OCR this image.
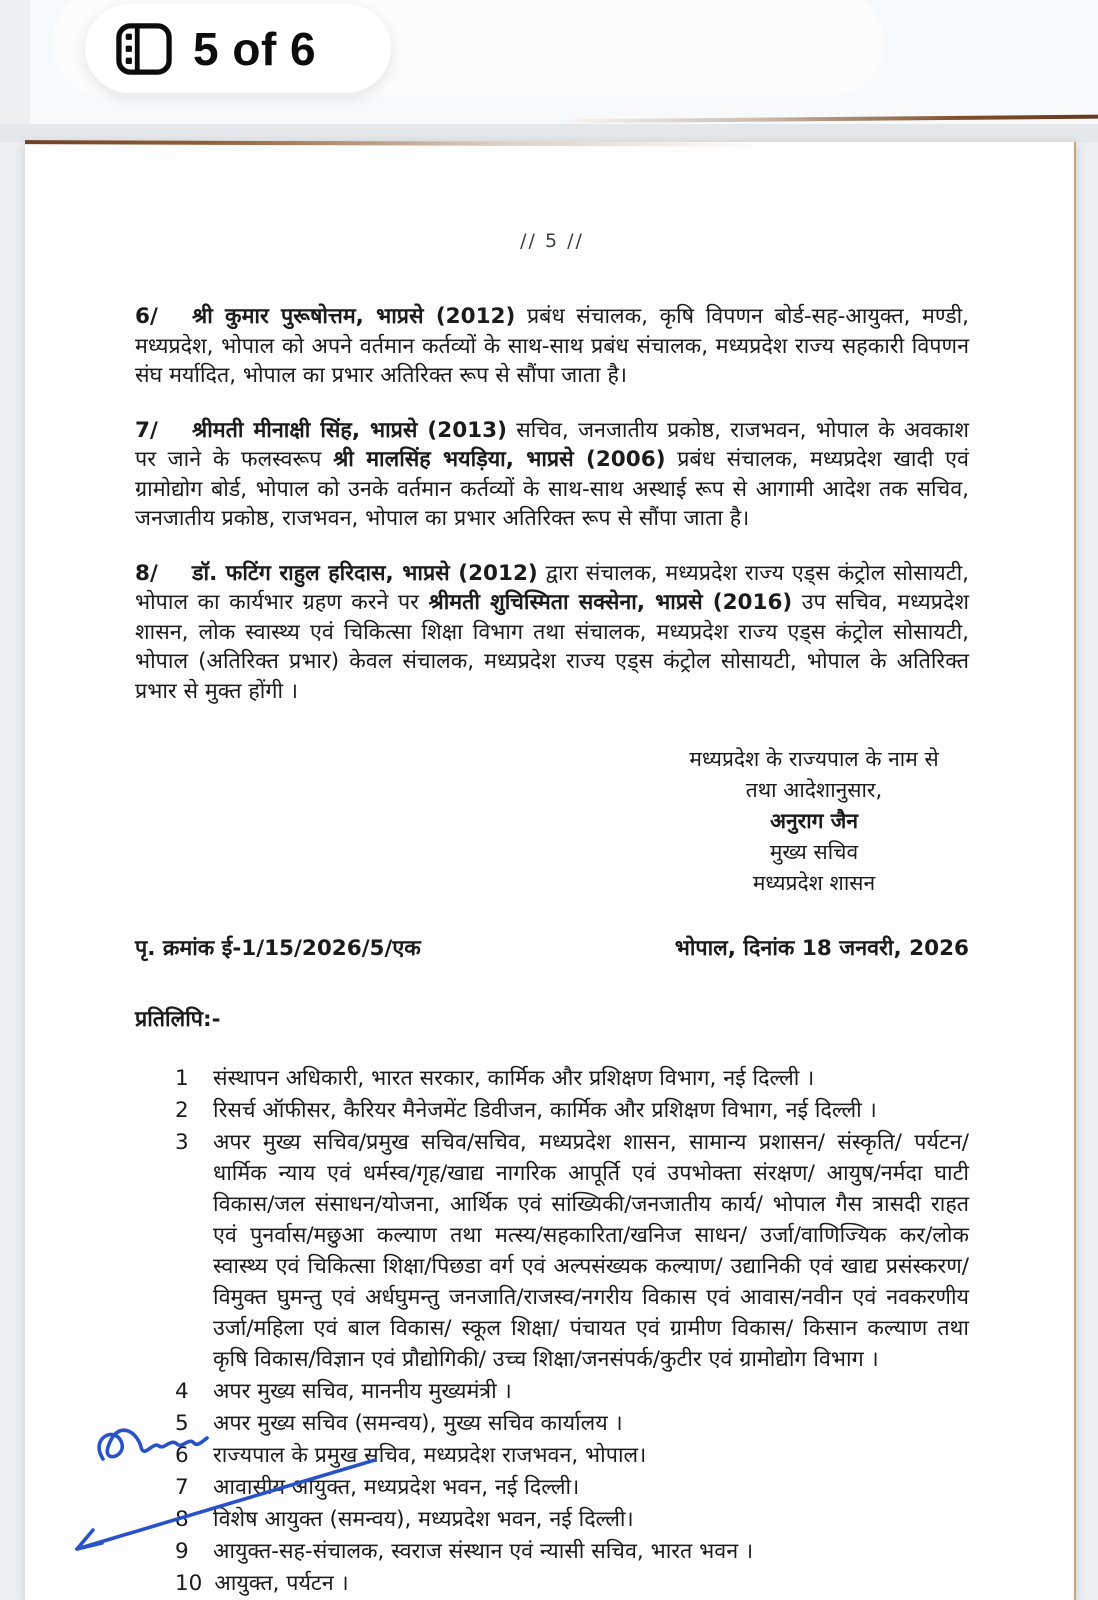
5 of 6
// 5 //
6/ श्री कुमार पुरूषोत्तम, भाप्रसे (2012) प्रबंध संचालक, कृषि विपणन बोर्ड-सह-आयुक्त, मण्डी, मध्यप्रदेश, भोपाल को अपने वर्तमान कर्तव्यों के साथ-साथ प्रबंध संचालक, मध्यप्रदेश राज्य सहकारी विपणन संघ मर्यादित, भोपाल का प्रभार अतिरिक्त रूप से सौंपा जाता है।
7/ श्रीमती मीनाक्षी सिंह, भाप्रसे (2013) सचिव, जनजातीय प्रकोष्ठ, राजभवन, भोपाल के अवकाश पर जाने के फलस्वरूप श्री मालसिंह भयड़िया, भाप्रसे (2006) प्रबंध संचालक, मध्यप्रदेश खादी एवं ग्रामोद्योग बोर्ड, भोपाल को उनके वर्तमान कर्तव्यों के साथ-साथ अस्थाई रूप से आगामी आदेश तक सचिव, जनजातीय प्रकोष्ठ, राजभवन, भोपाल का प्रभार अतिरिक्त रूप से सौंपा जाता है।
8/ डॉ. फटिंग राहुल हरिदास, भाप्रसे (2012) द्वारा संचालक, मध्यप्रदेश राज्य एड्स कंट्रोल सोसायटी, भोपाल का कार्यभार ग्रहण करने पर श्रीमती शुचिस्मिता सक्सेना, भाप्रसे (2016) उप सचिव, मध्यप्रदेश शासन, लोक स्वास्थ्य एवं चिकित्सा शिक्षा विभाग तथा संचालक, मध्यप्रदेश राज्य एड्स कंट्रोल सोसायटी, भोपाल (अतिरिक्त प्रभार) केवल संचालक, मध्यप्रदेश राज्य एड्स कंट्रोल सोसायटी, भोपाल के अतिरिक्त प्रभार से मुक्त होंगी ।
मध्यप्रदेश के राज्यपाल के नाम से
तथा आदेशानुसार,
अनुराग जैन
मुख्य सचिव
मध्यप्रदेश शासन
पृ. क्रमांक ई-1/15/2026/5/एक	भोपाल, दिनांक 18 जनवरी, 2026
प्रतिलिपि:-
1	संस्थापन अधिकारी, भारत सरकार, कार्मिक और प्रशिक्षण विभाग, नई दिल्ली ।
2	रिसर्च ऑफीसर, कैरियर मैनेजमेंट डिवीजन, कार्मिक और प्रशिक्षण विभाग, नई दिल्ली ।
3	अपर मुख्य सचिव/प्रमुख सचिव/सचिव, मध्यप्रदेश शासन, सामान्य प्रशासन/ संस्कृति/ पर्यटन/ धार्मिक न्याय एवं धर्मस्व/गृह/खाद्य नागरिक आपूर्ति एवं उपभोक्ता संरक्षण/ आयुष/नर्मदा घाटी विकास/जल संसाधन/योजना, आर्थिक एवं सांख्यिकी/जनजातीय कार्य/ भोपाल गैस त्रासदी राहत एवं पुनर्वास/मछुआ कल्याण तथा मत्स्य/सहकारिता/खनिज साधन/ उर्जा/वाणिज्यिक कर/लोक स्वास्थ्य एवं चिकित्सा शिक्षा/पिछडा वर्ग एवं अल्पसंख्यक कल्याण/ उद्यानिकी एवं खाद्य प्रसंस्करण/ विमुक्त घुमन्तु एवं अर्धघुमन्तु जनजाति/राजस्व/नगरीय विकास एवं आवास/नवीन एवं नवकरणीय उर्जा/महिला एवं बाल विकास/ स्कूल शिक्षा/ पंचायत एवं ग्रामीण विकास/ किसान कल्याण तथा कृषि विकास/विज्ञान एवं प्रौद्योगिकी/ उच्च शिक्षा/जनसंपर्क/कुटीर एवं ग्रामोद्योग विभाग ।
4	अपर मुख्य सचिव, माननीय मुख्यमंत्री ।
5	अपर मुख्य सचिव (समन्वय), मुख्य सचिव कार्यालय ।
6	राज्यपाल के प्रमुख सचिव, मध्यप्रदेश राजभवन, भोपाल।
7	आवासीय आयुक्त, मध्यप्रदेश भवन, नई दिल्ली।
8	विशेष आयुक्त (समन्वय), मध्यप्रदेश भवन, नई दिल्ली।
9	आयुक्त-सह-संचालक, स्वराज संस्थान एवं न्यासी सचिव, भारत भवन ।
10 आयुक्त, पर्यटन ।
